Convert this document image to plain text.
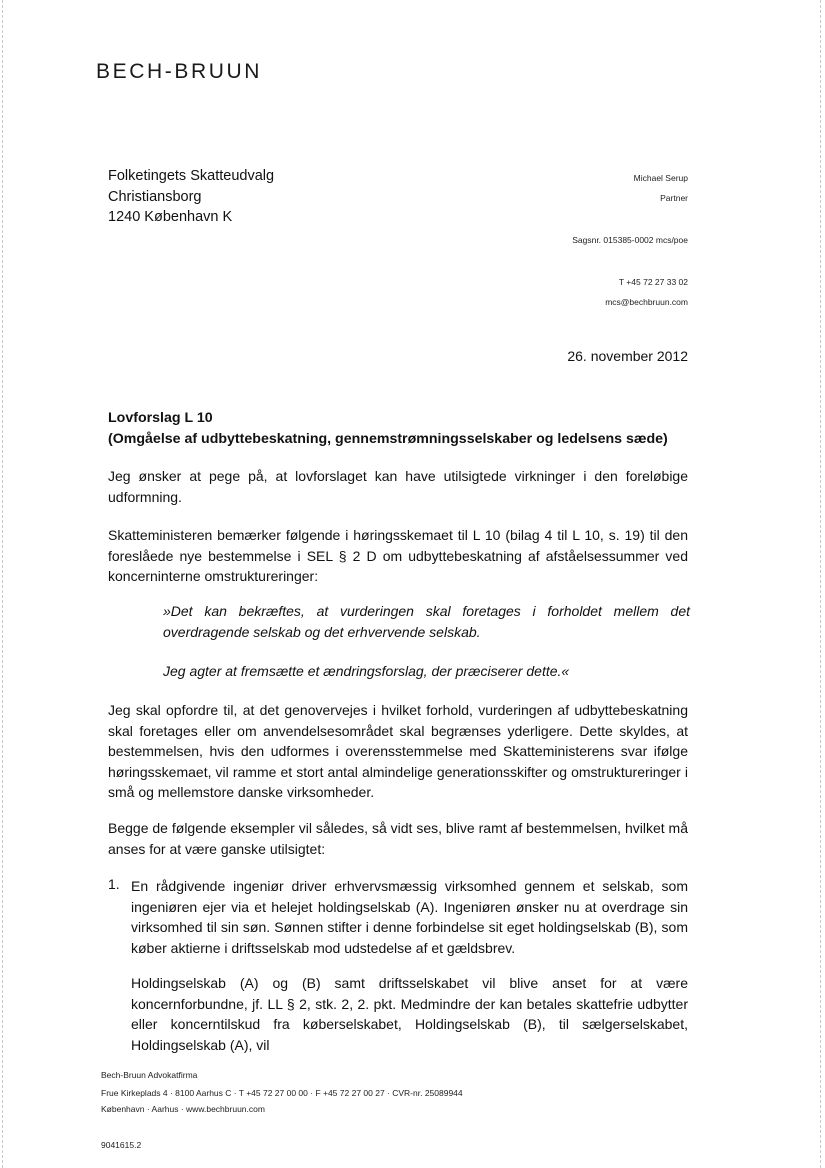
BECH-BRUUN
Folketingets Skatteudvalg
Christiansborg
1240 København K
Michael Serup
Partner
Sagsnr. 015385-0002 mcs/poe
T +45 72 27 33 02
mcs@bechbruun.com
26. november 2012
Lovforslag L 10
(Omgåelse af udbyttebeskatning, gennemstrømningsselskaber og ledelsens sæde)
Jeg ønsker at pege på, at lovforslaget kan have utilsigtede virkninger i den foreløbige udformning.
Skatteministeren bemærker følgende i høringsskemaet til L 10 (bilag 4 til L 10, s. 19) til den foreslåede nye bestemmelse i SEL § 2 D om udbyttebeskatning af afståelsessummer ved koncerninterne omstruktureringer:
»Det kan bekræftes, at vurderingen skal foretages i forholdet mellem det overdragende selskab og det erhvervende selskab.
Jeg agter at fremsætte et ændringsforslag, der præciserer dette.«
Jeg skal opfordre til, at det genovervejes i hvilket forhold, vurderingen af udbyttebeskatning skal foretages eller om anvendelsesområdet skal begrænses yderligere. Dette skyldes, at bestemmelsen, hvis den udformes i overensstemmelse med Skatteministerens svar ifølge høringsskemaet, vil ramme et stort antal almindelige generationsskifter og omstruktureringer i små og mellemstore danske virksomheder.
Begge de følgende eksempler vil således, så vidt ses, blive ramt af bestemmelsen, hvilket må anses for at være ganske utilsigtet:
1. En rådgivende ingeniør driver erhvervsmæssig virksomhed gennem et selskab, som ingeniøren ejer via et helejet holdingselskab (A). Ingeniøren ønsker nu at overdrage sin virksomhed til sin søn. Sønnen stifter i denne forbindelse sit eget holdingselskab (B), som køber aktierne i driftsselskab mod udstedelse af et gældsbrev.
Holdingselskab (A) og (B) samt driftsselskabet vil blive anset for at være koncernforbundne, jf. LL § 2, stk. 2, 2. pkt. Medmindre der kan betales skattefrie udbytter eller koncerntilskud fra køberselskabet, Holdingselskab (B), til sælgerselskabet, Holdingselskab (A), vil
Bech-Bruun Advokatfirma
Frue Kirkeplads 4 · 8100 Aarhus C · T +45 72 27 00 00 · F +45 72 27 00 27 · CVR-nr. 25089944
København · Aarhus · www.bechbruun.com
9041615.2
